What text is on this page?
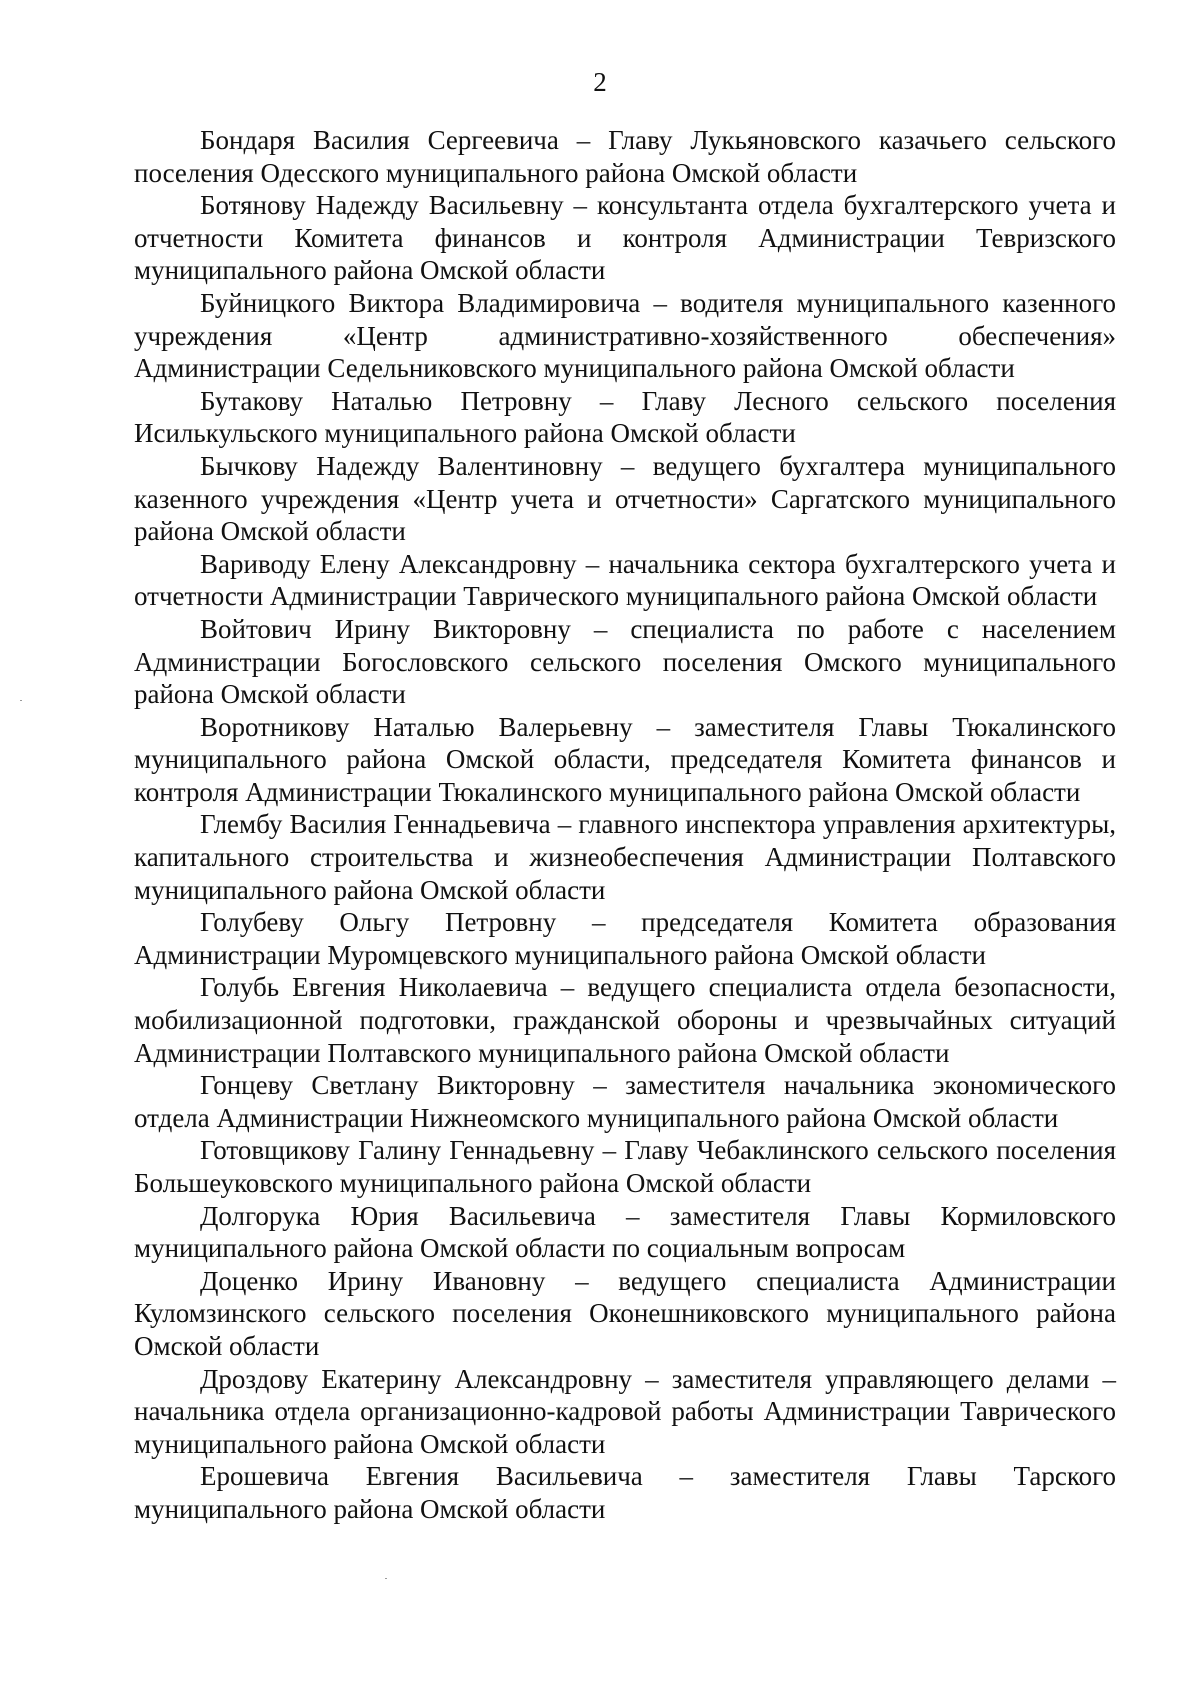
2

Бондаря Василия Сергеевича – Главу Лукьяновского казачьего сельского поселения Одесского муниципального района Омской области

Ботянову Надежду Васильевну – консультанта отдела бухгалтерского учета и отчетности Комитета финансов и контроля Администрации Тевризского муниципального района Омской области

Буйницкого Виктора Владимировича – водителя муниципального казенного учреждения «Центр административно-хозяйственного обеспечения» Администрации Седельниковского муниципального района Омской области

Бутакову Наталью Петровну – Главу Лесного сельского поселения Исилькульского муниципального района Омской области

Бычкову Надежду Валентиновну – ведущего бухгалтера муниципального казенного учреждения «Центр учета и отчетности» Саргатского муниципального района Омской области

Вариводу Елену Александровну – начальника сектора бухгалтерского учета и отчетности Администрации Таврического муниципального района Омской области

Войтович Ирину Викторовну – специалиста по работе с населением Администрации Богословского сельского поселения Омского муниципального района Омской области

Воротникову Наталью Валерьевну – заместителя Главы Тюкалинского муниципального района Омской области, председателя Комитета финансов и контроля Администрации Тюкалинского муниципального района Омской области

Глембу Василия Геннадьевича – главного инспектора управления архитектуры, капитального строительства и жизнеобеспечения Администрации Полтавского муниципального района Омской области

Голубеву Ольгу Петровну – председателя Комитета образования Администрации Муромцевского муниципального района Омской области

Голубь Евгения Николаевича – ведущего специалиста отдела безопасности, мобилизационной подготовки, гражданской обороны и чрезвычайных ситуаций Администрации Полтавского муниципального района Омской области

Гонцеву Светлану Викторовну – заместителя начальника экономического отдела Администрации Нижнеомского муниципального района Омской области

Готовщикову Галину Геннадьевну – Главу Чебаклинского сельского поселения Большеуковского муниципального района Омской области

Долгорука Юрия Васильевича – заместителя Главы Кормиловского муниципального района Омской области по социальным вопросам

Доценко Ирину Ивановну – ведущего специалиста Администрации Куломзинского сельского поселения Оконешниковского муниципального района Омской области

Дроздову Екатерину Александровну – заместителя управляющего делами – начальника отдела организационно-кадровой работы Администрации Таврического муниципального района Омской области

Ерошевича Евгения Васильевича – заместителя Главы Тарского муниципального района Омской области
